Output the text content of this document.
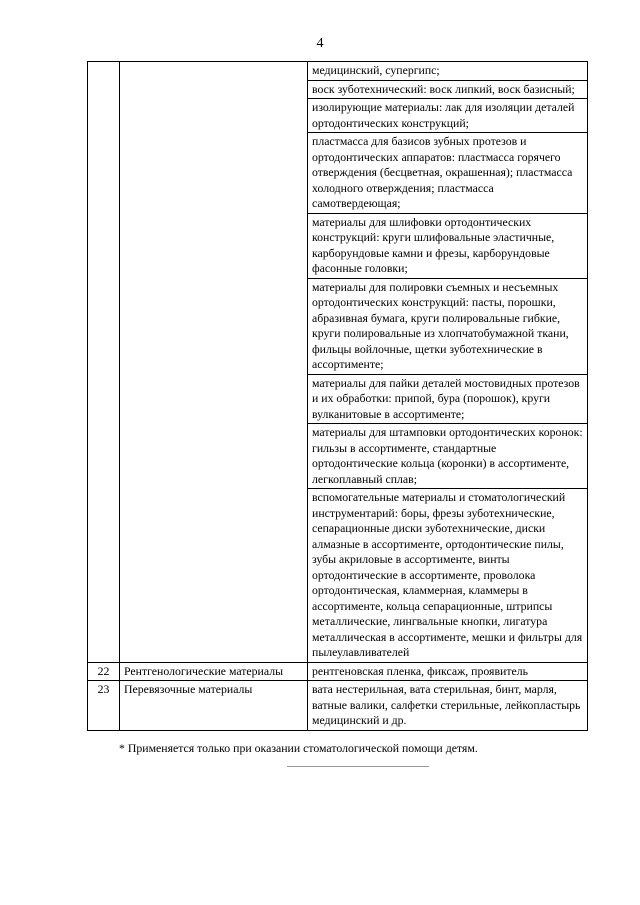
4
		медицинский, супергипс;
		воск зуботехнический: воск липкий, воск базисный;
		изолирующие материалы: лак для изоляции деталей ортодонтических конструкций;
		пластмасса для базисов зубных протезов и ортодонтических аппаратов: пластмасса горячего отверждения (бесцветная, окрашенная); пластмасса холодного отверждения; пластмасса самотвердеющая;
		материалы для шлифовки ортодонтических конструкций: круги шлифовальные эластичные, карборундовые камни и фрезы, карборундовые фасонные головки;
		материалы для полировки съемных и несъемных ортодонтических конструкций: пасты, порошки, абразивная бумага, круги полировальные гибкие, круги полировальные из хлопчатобумажной ткани, фильцы войлочные, щетки зуботехнические в ассортименте;
		материалы для пайки деталей мостовидных протезов и их обработки: припой, бура (порошок), круги вулканитовые в ассортименте;
		материалы для штамповки ортодонтических коронок: гильзы в ассортименте, стандартные ортодонтические кольца (коронки) в ассортименте, легкоплавный сплав;
		вспомогательные материалы и стоматологический инструментарий: боры, фрезы зуботехнические, сепарационные диски зуботехнические, диски алмазные в ассортименте, ортодонтические пилы, зубы акриловые в ассортименте, винты ортодонтические в ассортименте, проволока ортодонтическая, кламмерная, кламмеры в ассортименте, кольца сепарационные, штрипсы металлические, лингвальные кнопки, лигатура металлическая в ассортименте, мешки и фильтры для пылеулавливателей
22	Рентгенологические материалы	рентгеновская пленка, фиксаж, проявитель
23	Перевязочные материалы	вата нестерильная, вата стерильная, бинт, марля, ватные валики, салфетки стерильные, лейкопластырь медицинский и др.
* Применяется только при оказании стоматологической помощи детям.
